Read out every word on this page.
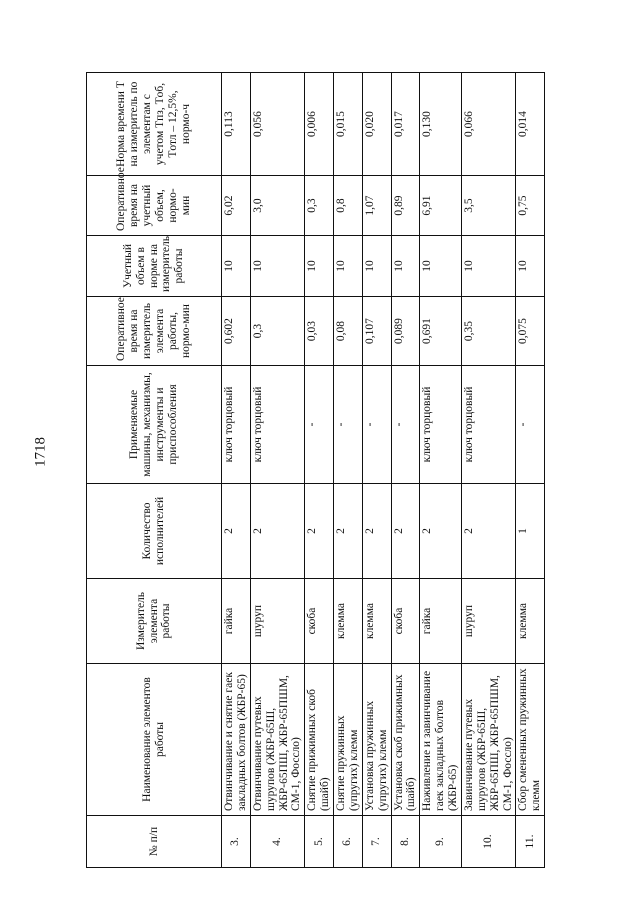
1718
№ п/п	Наименование элементов работы	Измеритель элемента работы	Количество исполнителей	Применяемые машины, механизмы, инструменты и приспособления	Оперативное время на измеритель элемента работы, нормо-мин	Учетный объем в норме на измеритель работы	Оперативное время на учетный объем, нормо-мин	Норма времени Т на измеритель по элементам с учетом Tпз, Tоб, Tотл – 12,5%, нормо-ч
3.	Отвинчивание и снятие гаек закладных болтов (ЖБР-65)	гайка	2	ключ торцовый	0,602	10	6,02	0,113
4.	Отвинчивание путевых шурупов (ЖБР-65Ш, ЖБР-65ПШ, ЖБР-65ПШМ, СМ-1, Фоссло)	шуруп	2	ключ торцовый	0,3	10	3,0	0,056
5.	Снятие прижимных скоб (шайб)	скоба	2	-	0,03	10	0,3	0,006
6.	Снятие пружинных (упругих) клемм	клемма	2	-	0,08	10	0,8	0,015
7.	Установка пружинных (упругих) клемм	клемма	2	-	0,107	10	1,07	0,020
8.	Установка скоб прижимных (шайб)	скоба	2	-	0,089	10	0,89	0,017
9.	Наживление и завинчивание гаек закладных болтов (ЖБР-65)	гайка	2	ключ торцовый	0,691	10	6,91	0,130
10.	Завинчивание путевых шурупов (ЖБР-65Ш, ЖБР-65ПШ, ЖБР-65ПШМ, СМ-1, Фоссло)	шуруп	2	ключ торцовый	0,35	10	3,5	0,066
11.	Сбор смененных пружинных клемм	клемма	1	-	0,075	10	0,75	0,014
